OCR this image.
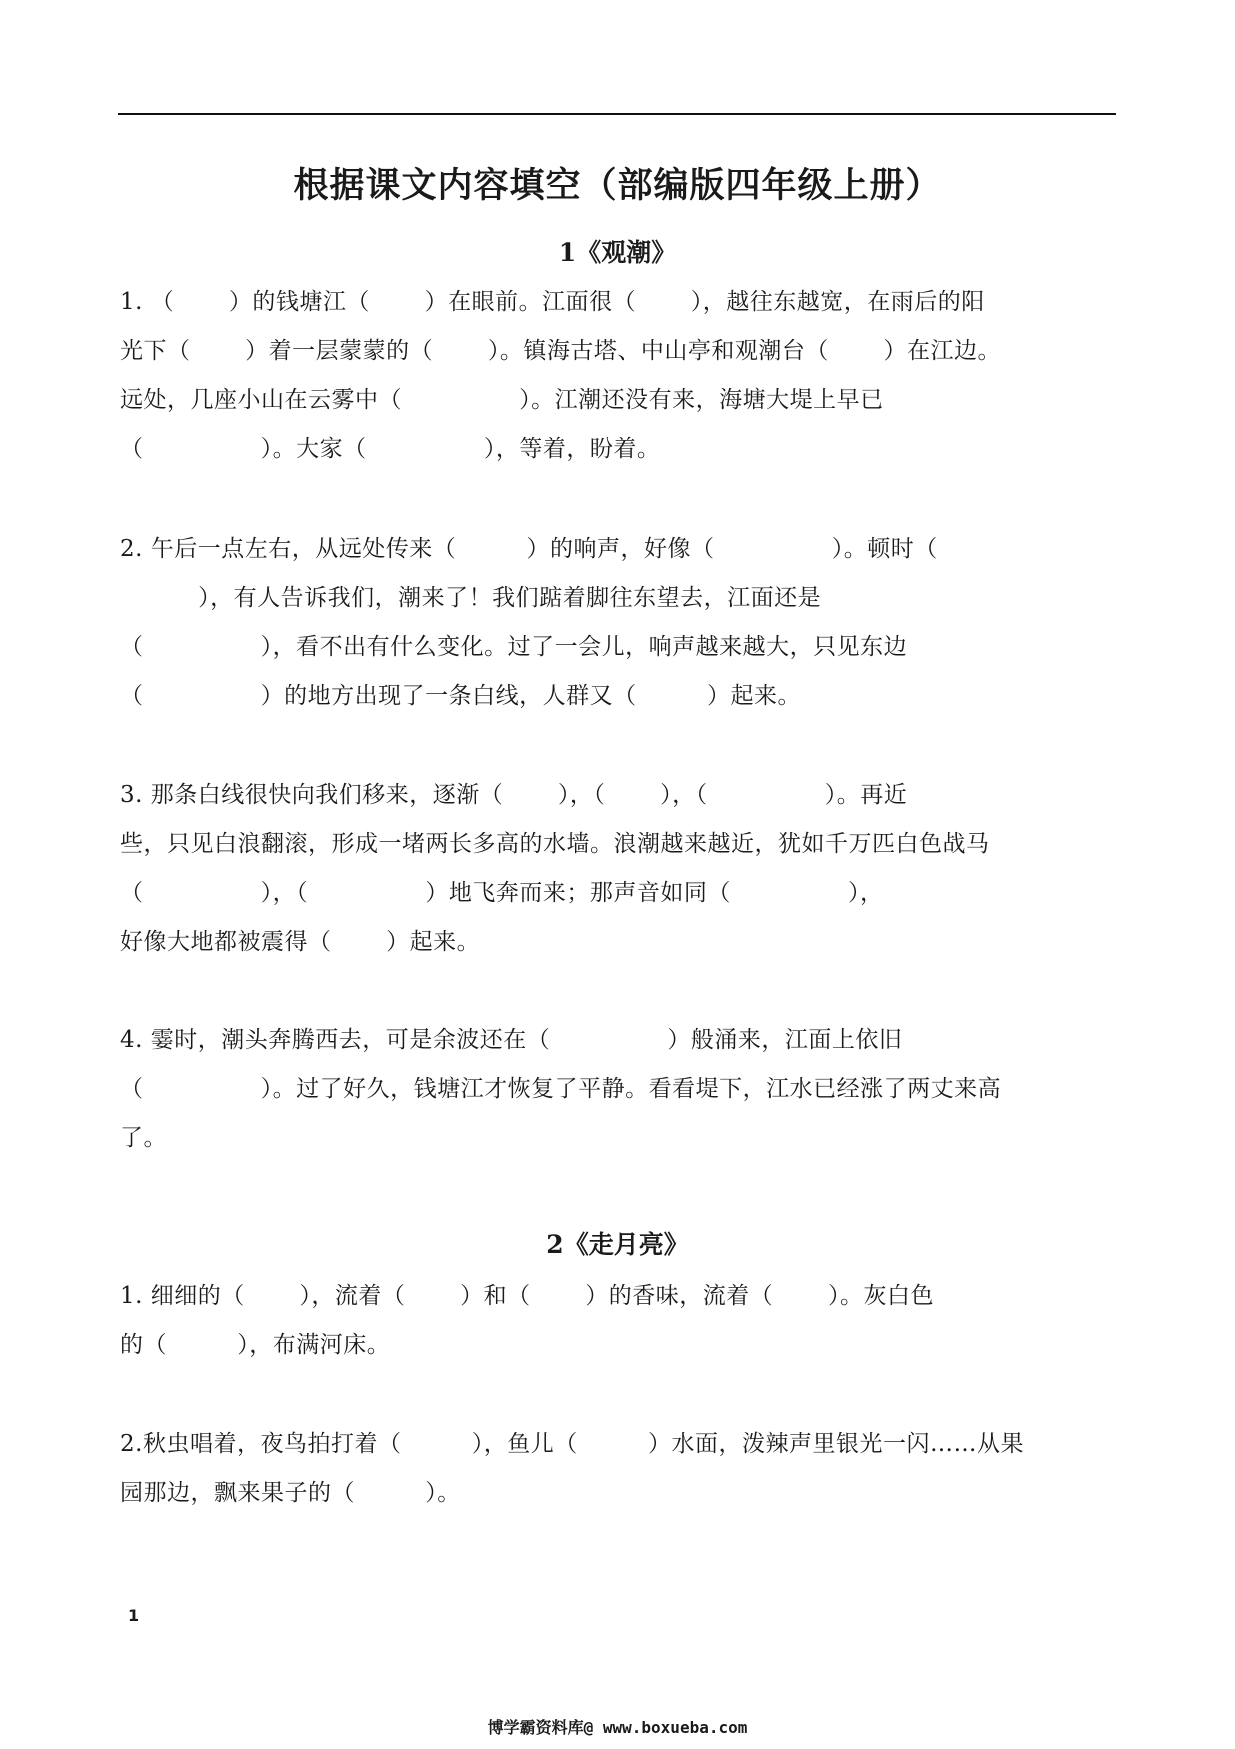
根据课文内容填空（部编版四年级上册）
1《观潮》
1. （       ）的钱塘江（       ）在眼前。江面很（       ），越往东越宽，在雨后的阳
光下（       ）着一层蒙蒙的（       ）。镇海古塔、中山亭和观潮台（       ）在江边。
远处，几座小山在云雾中（               ）。江潮还没有来，海塘大堤上早已
（               ）。大家（               ），等着，盼着。
2. 午后一点左右，从远处传来（         ）的响声，好像（               ）。顿时（
），有人告诉我们，潮来了！我们踮着脚往东望去，江面还是
（               ），看不出有什么变化。过了一会儿，响声越来越大，只见东边
（               ）的地方出现了一条白线，人群又（         ）起来。
3. 那条白线很快向我们移来，逐渐（       ），（       ），（               ）。再近
些，只见白浪翻滚，形成一堵两长多高的水墙。浪潮越来越近，犹如千万匹白色战马
（               ），（               ）地飞奔而来；那声音如同（               ），
好像大地都被震得（       ）起来。
4. 霎时，潮头奔腾西去，可是余波还在（               ）般涌来，江面上依旧
（               ）。过了好久，钱塘江才恢复了平静。看看堤下，江水已经涨了两丈来高
了。
2《走月亮》
1. 细细的（       ），流着（       ）和（       ）的香味，流着（       ）。灰白色
的（         ），布满河床。
2.秋虫唱着，夜鸟拍打着（         ），鱼儿（         ）水面，泼辣声里银光一闪……从果
园那边，飘来果子的（         ）。
1
博学霸资料库@ www.boxueba.com
